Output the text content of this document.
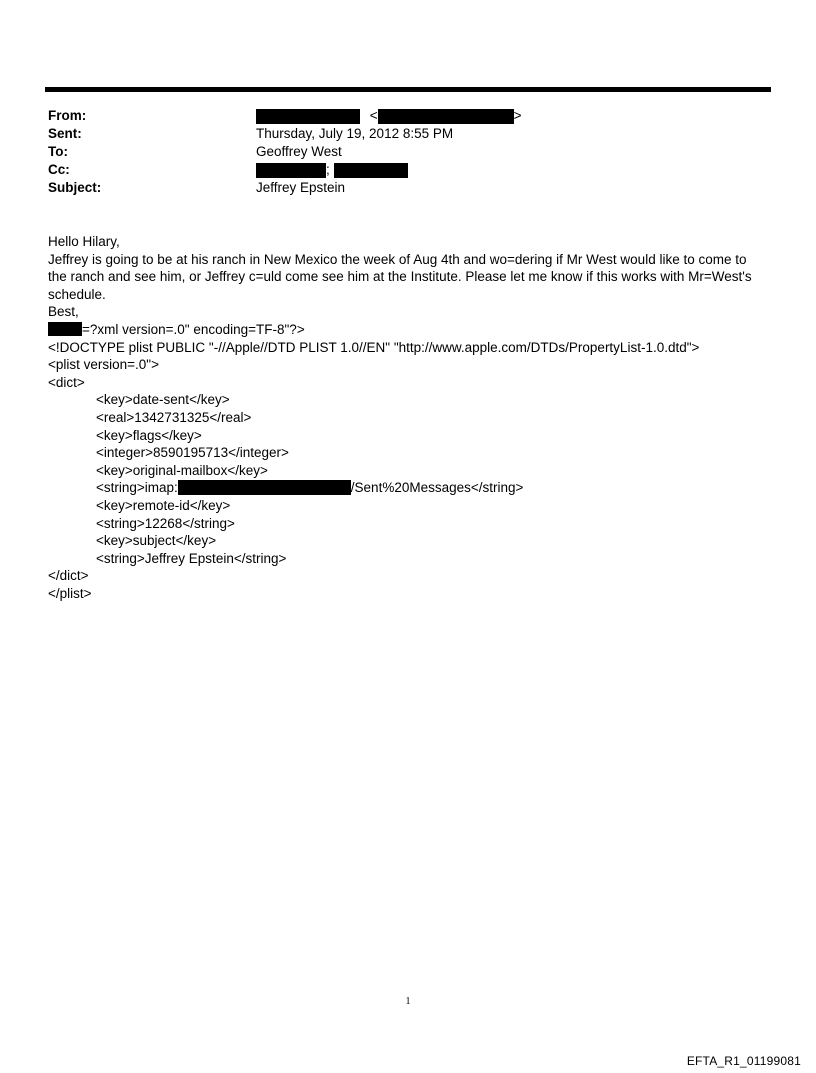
From:	<	>
Sent:	Thursday, July 19, 2012 8:55 PM
To:	Geoffrey West
Cc:	;
Subject:	Jeffrey Epstein
Hello Hilary,
Jeffrey is going to be at his ranch in New Mexico the week of Aug 4th and wo=dering if Mr West would like to come to the ranch and see him, or Jeffrey c=uld come see him at the Institute. Please let me know if this works with Mr=West's schedule.
Best,
=?xml version=.0" encoding=TF-8"?>
<!DOCTYPE plist PUBLIC "-//Apple//DTD PLIST 1.0//EN" "http://www.apple.com/DTDs/PropertyList-1.0.dtd">
<plist version=.0">
<dict>
<key>date-sent</key>
<real>1342731325</real>
<key>flags</key>
<integer>8590195713</integer>
<key>original-mailbox</key>
<string>imap:	/Sent%20Messages</string>
<key>remote-id</key>
<string>12268</string>
<key>subject</key>
<string>Jeffrey Epstein</string>
</dict>
</plist>
1
EFTA_R1_01199081
